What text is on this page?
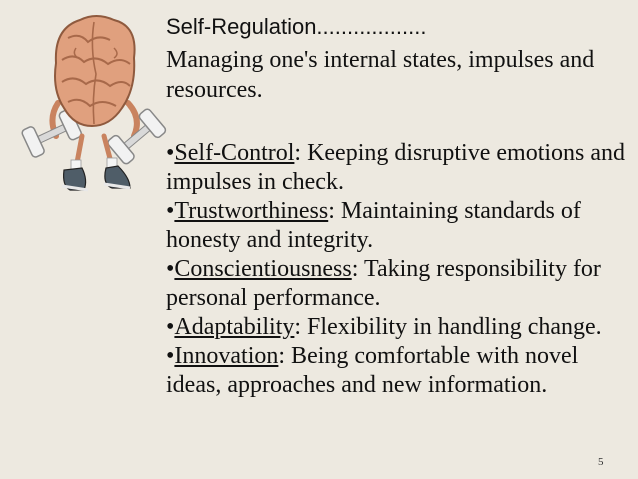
Self-Regulation..................
Managing one's internal states, impulses and resources.
•Self-Control: Keeping disruptive emotions and impulses in check.
•Trustworthiness: Maintaining standards of honesty and integrity.
•Conscientiousness: Taking responsibility for personal performance.
•Adaptability: Flexibility in handling change.
•Innovation: Being comfortable with novel ideas, approaches and new information.
5
